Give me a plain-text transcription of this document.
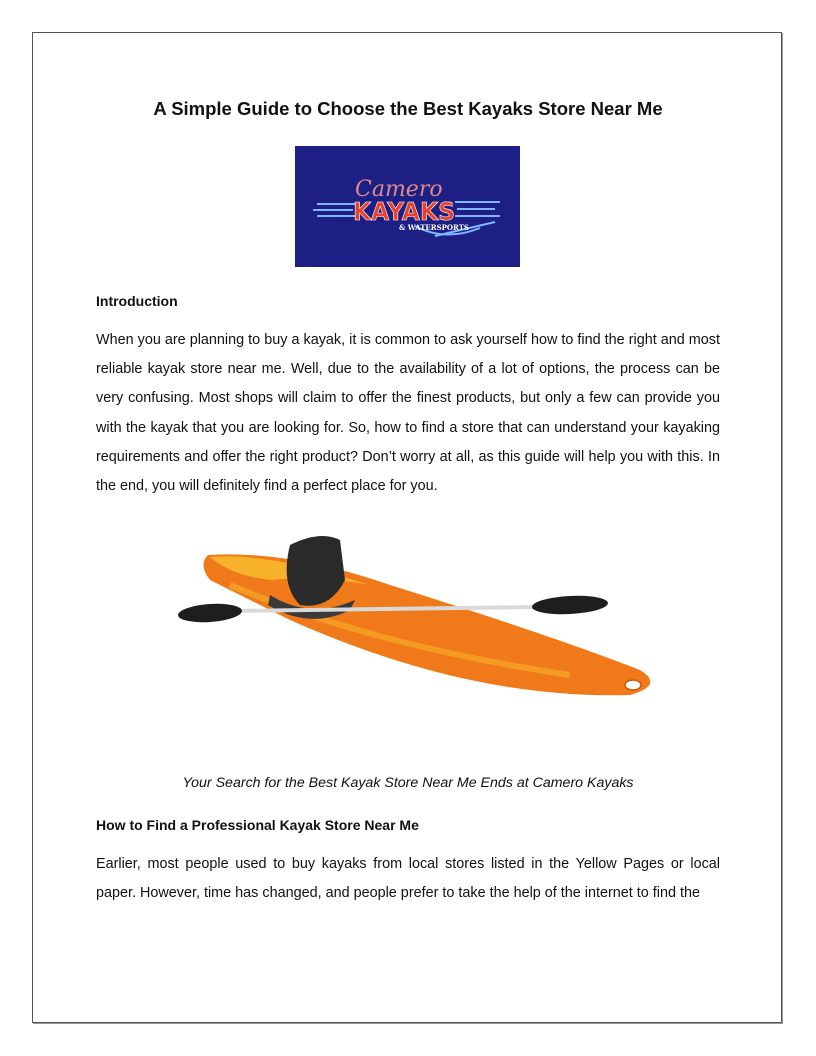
A Simple Guide to Choose the Best Kayaks Store Near Me
Camero
KAYAKS
& WATERSPORTS
Introduction
When you are planning to buy a kayak, it is common to ask yourself how to find the right and most reliable kayak store near me. Well, due to the availability of a lot of options, the process can be very confusing. Most shops will claim to offer the finest products, but only a few can provide you with the kayak that you are looking for. So, how to find a store that can understand your kayaking requirements and offer the right product? Don’t worry at all, as this guide will help you with this. In the end, you will definitely find a perfect place for you.
Your Search for the Best Kayak Store Near Me Ends at Camero Kayaks
How to Find a Professional Kayak Store Near Me
Earlier, most people used to buy kayaks from local stores listed in the Yellow Pages or local paper. However, time has changed, and people prefer to take the help of the internet to find the
